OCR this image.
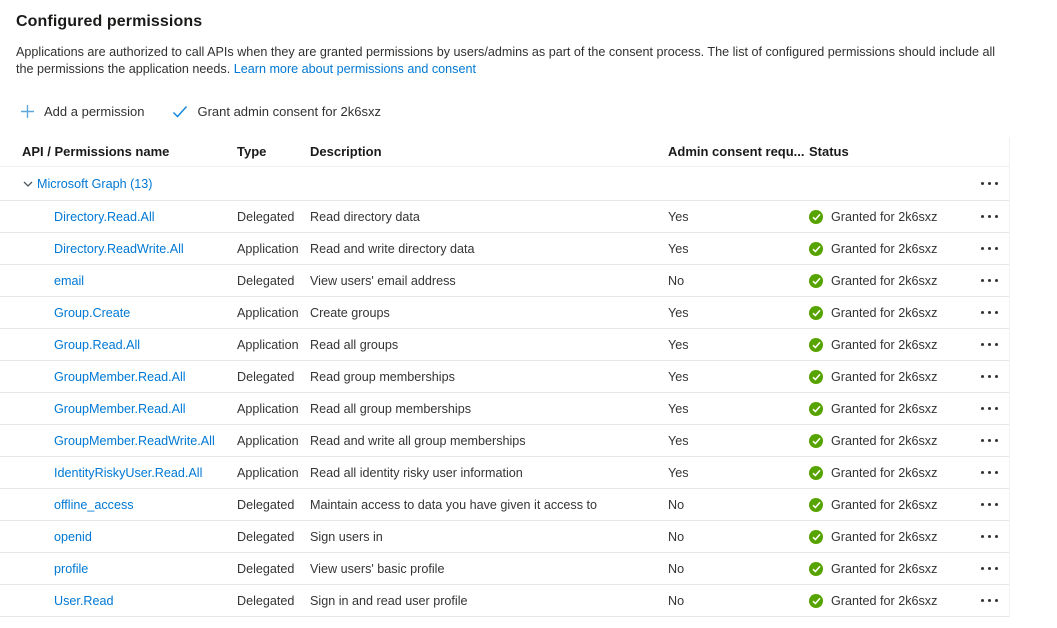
Configured permissions
Applications are authorized to call APIs when they are granted permissions by users/admins as part of the consent process. The list of configured permissions should include all the permissions the application needs. Learn more about permissions and consent
Add a permission	Grant admin consent for 2k6sxz
API / Permissions name	Type	Description	Admin consent requ... Status
Microsoft Graph (13)
Directory.Read.All	Delegated	Read directory data	Yes	Granted for 2k6sxz
Directory.ReadWrite.All	Application Read and write directory data	Yes	Granted for 2k6sxz
email	Delegated	View users' email address	No	Granted for 2k6sxz
Group.Create	Application Create groups	Yes	Granted for 2k6sxz
Group.Read.All	Application Read all groups	Yes	Granted for 2k6sxz
GroupMember.Read.All	Delegated	Read group memberships	Yes	Granted for 2k6sxz
GroupMember.Read.All	Application Read all group memberships	Yes	Granted for 2k6sxz
GroupMember.ReadWrite.All	Application Read and write all group memberships	Yes	Granted for 2k6sxz
IdentityRiskyUser.Read.All	Application Read all identity risky user information	Yes	Granted for 2k6sxz
offline_access	Delegated	Maintain access to data you have given it access to	No	Granted for 2k6sxz
openid	Delegated	Sign users in	No	Granted for 2k6sxz
profile	Delegated	View users' basic profile	No	Granted for 2k6sxz
User.Read	Delegated	Sign in and read user profile	No	Granted for 2k6sxz
